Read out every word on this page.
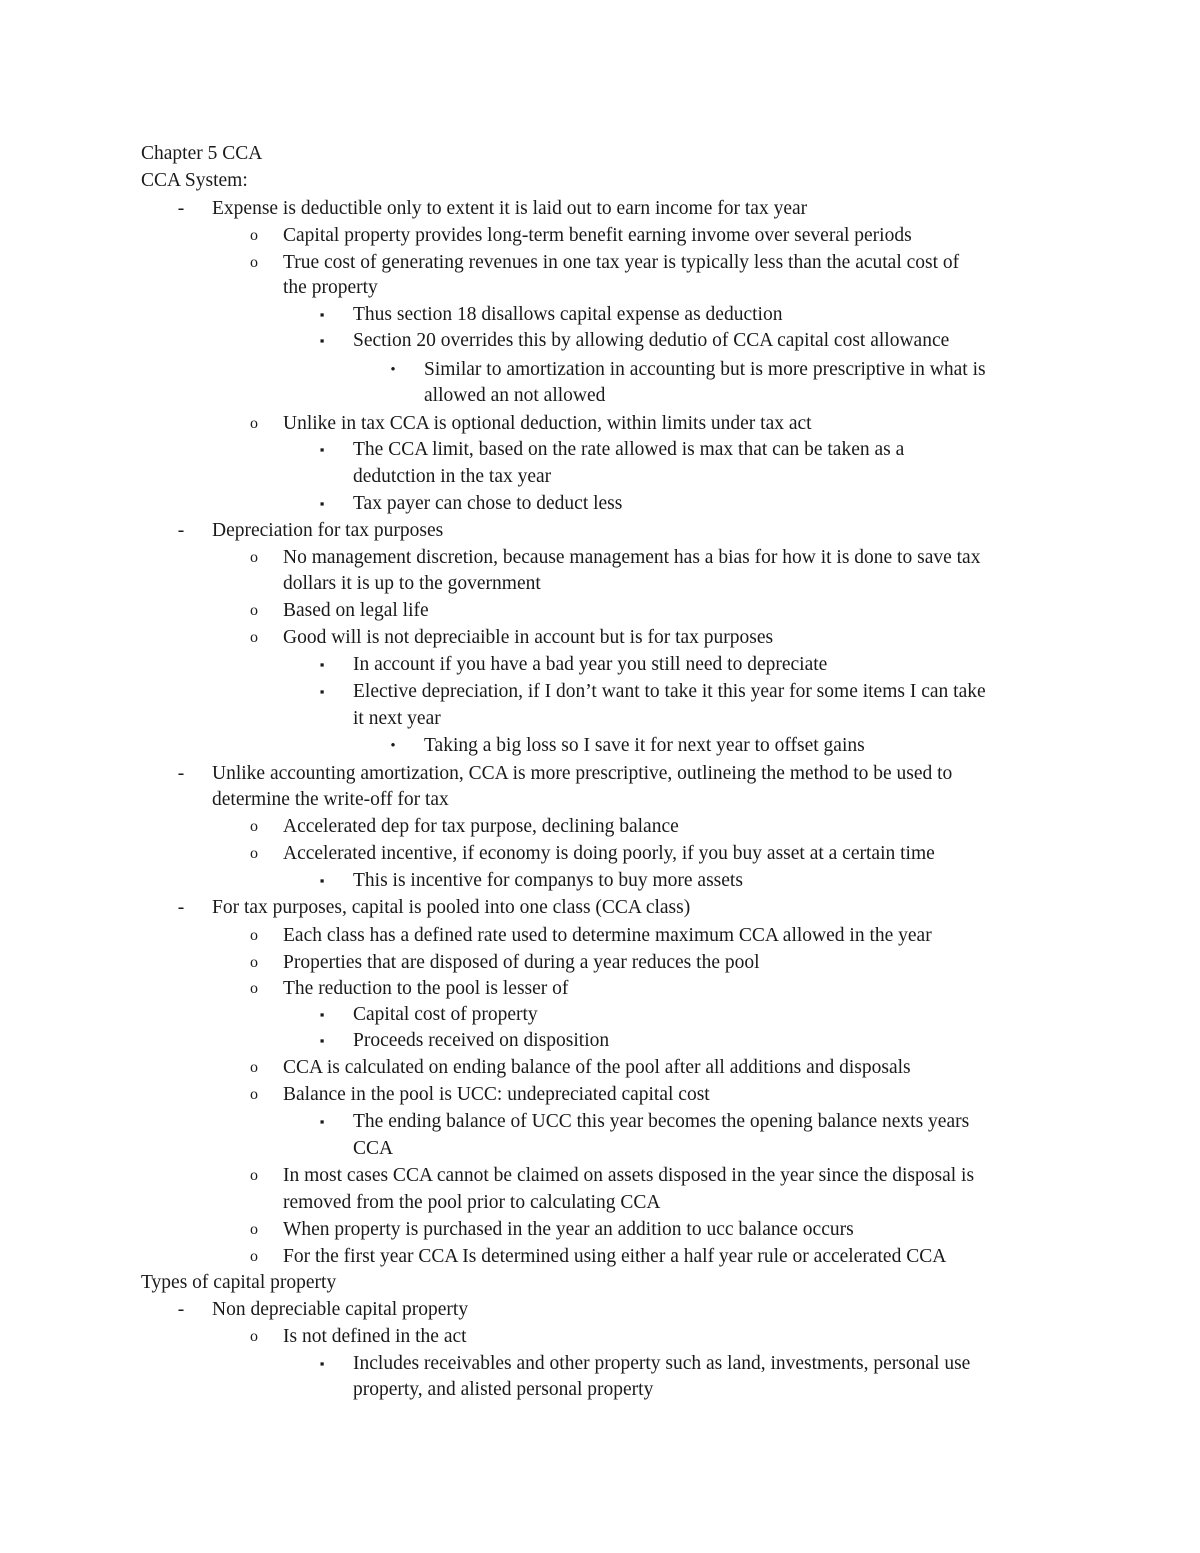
Chapter 5 CCA
CCA System:
- Expense is deductible only to extent it is laid out to earn income for tax year
o Capital property provides long-term benefit earning invome over several periods
o True cost of generating revenues in one tax year is typically less than the acutal cost of
the property
▪ Thus section 18 disallows capital expense as deduction
▪ Section 20 overrides this by allowing dedutio of CCA capital cost allowance
• Similar to amortization in accounting but is more prescriptive in what is
allowed an not allowed
o Unlike in tax CCA is optional deduction, within limits under tax act
▪ The CCA limit, based on the rate allowed is max that can be taken as a
dedutction in the tax year
▪ Tax payer can chose to deduct less
- Depreciation for tax purposes
o No management discretion, because management has a bias for how it is done to save tax
dollars it is up to the government
o Based on legal life
o Good will is not depreciaible in account but is for tax purposes
▪ In account if you have a bad year you still need to depreciate
▪ Elective depreciation, if I don’t want to take it this year for some items I can take
it next year
• Taking a big loss so I save it for next year to offset gains
- Unlike accounting amortization, CCA is more prescriptive, outlineing the method to be used to
determine the write-off for tax
o Accelerated dep for tax purpose, declining balance
o Accelerated incentive, if economy is doing poorly, if you buy asset at a certain time
▪ This is incentive for companys to buy more assets
- For tax purposes, capital is pooled into one class (CCA class)
o Each class has a defined rate used to determine maximum CCA allowed in the year
o Properties that are disposed of during a year reduces the pool
o The reduction to the pool is lesser of
▪ Capital cost of property
▪ Proceeds received on disposition
o CCA is calculated on ending balance of the pool after all additions and disposals
o Balance in the pool is UCC: undepreciated capital cost
▪ The ending balance of UCC this year becomes the opening balance nexts years
CCA
o In most cases CCA cannot be claimed on assets disposed in the year since the disposal is
removed from the pool prior to calculating CCA
o When property is purchased in the year an addition to ucc balance occurs
o For the first year CCA Is determined using either a half year rule or accelerated CCA
Types of capital property
- Non depreciable capital property
o Is not defined in the act
▪ Includes receivables and other property such as land, investments, personal use
property, and alisted personal property
